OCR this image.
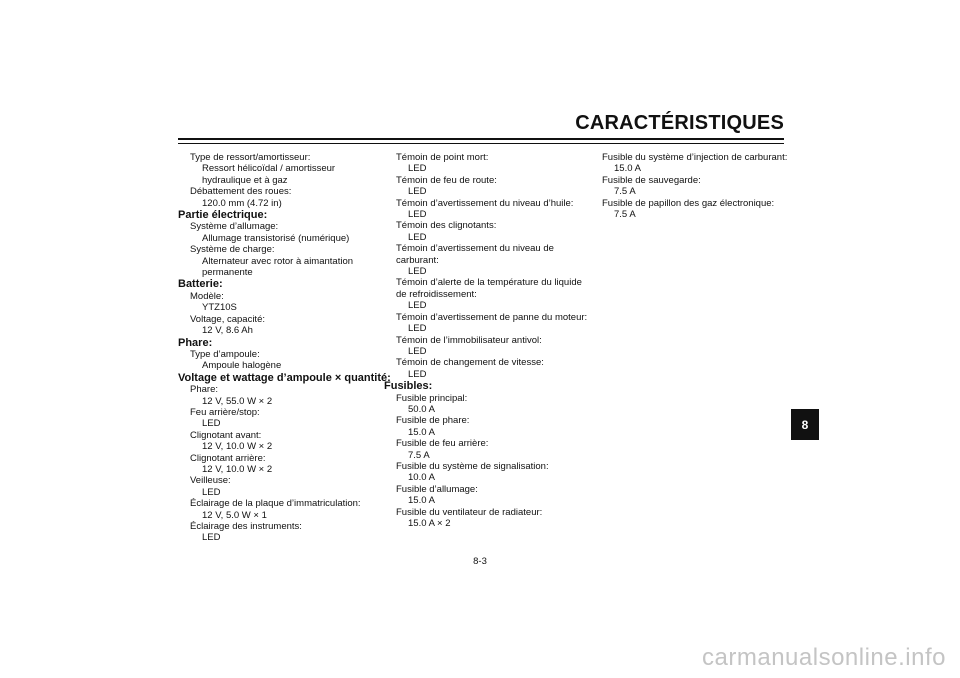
CARACTÉRISTIQUES
8
Type de ressort/amortisseur:
Ressort hélicoïdal / amortisseur
hydraulique et à gaz
Débattement des roues:
120.0 mm (4.72 in)
Partie électrique:
Système d’allumage:
Allumage transistorisé (numérique)
Système de charge:
Alternateur avec rotor à aimantation
permanente
Batterie:
Modèle:
YTZ10S
Voltage, capacité:
12 V, 8.6 Ah
Phare:
Type d’ampoule:
Ampoule halogène
Voltage et wattage d’ampoule × quantité:
Phare:
12 V, 55.0 W × 2
Feu arrière/stop:
LED
Clignotant avant:
12 V, 10.0 W × 2
Clignotant arrière:
12 V, 10.0 W × 2
Veilleuse:
LED
Éclairage de la plaque d’immatriculation:
12 V, 5.0 W × 1
Éclairage des instruments:
LED
Témoin de point mort:
LED
Témoin de feu de route:
LED
Témoin d’avertissement du niveau d’huile:
LED
Témoin des clignotants:
LED
Témoin d’avertissement du niveau de
carburant:
LED
Témoin d’alerte de la température du liquide
de refroidissement:
LED
Témoin d’avertissement de panne du moteur:
LED
Témoin de l’immobilisateur antivol:
LED
Témoin de changement de vitesse:
LED
Fusibles:
Fusible principal:
50.0 A
Fusible de phare:
15.0 A
Fusible de feu arrière:
7.5 A
Fusible du système de signalisation:
10.0 A
Fusible d’allumage:
15.0 A
Fusible du ventilateur de radiateur:
15.0 A × 2
Fusible du système d’injection de carburant:
15.0 A
Fusible de sauvegarde:
7.5 A
Fusible de papillon des gaz électronique:
7.5 A
8-3
carmanualsonline.info
